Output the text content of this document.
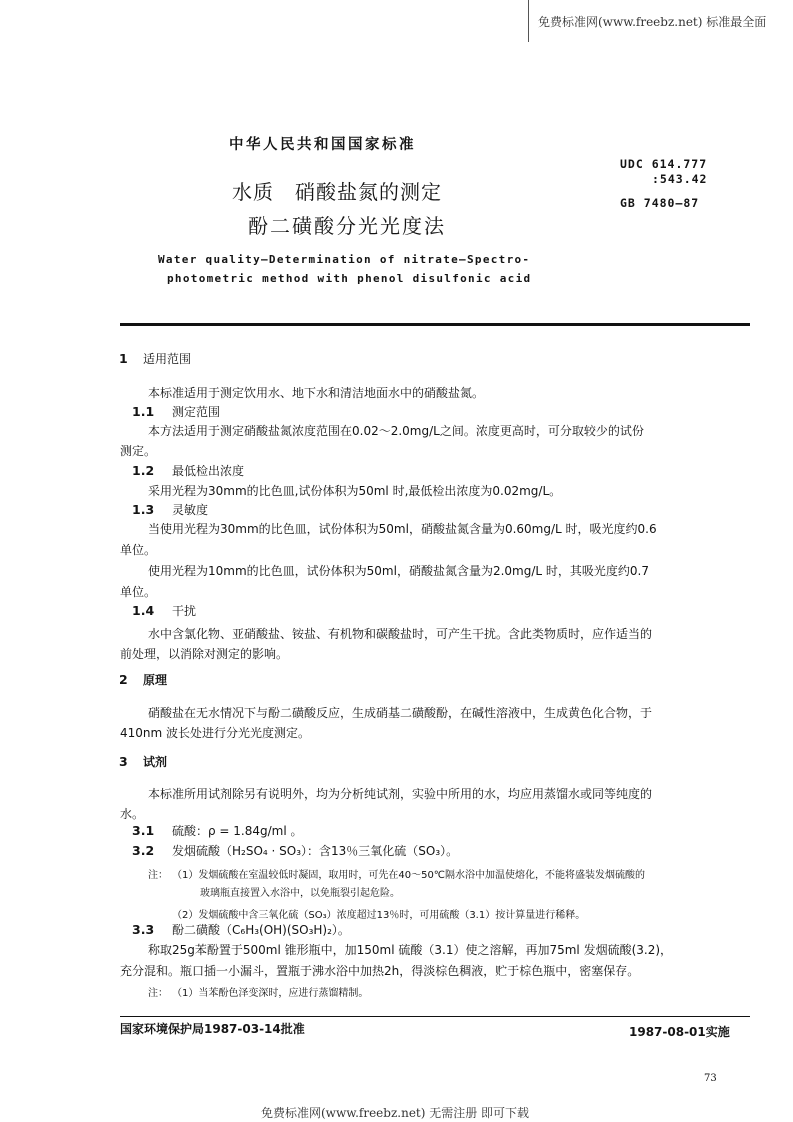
免费标准网(www.freebz.net) 标准最全面
中华人民共和国国家标准
UDC 614.777
:543.42
GB 7480—87
水质　硝酸盐氮的测定
酚二磺酸分光光度法
Water quality—Determination of nitrate—Spectro-
photometric method with phenol disulfonic acid
1 适用范围
本标准适用于测定饮用水、地下水和清洁地面水中的硝酸盐氮。
1.1 测定范围
本方法适用于测定硝酸盐氮浓度范围在0.02～2.0mg/L之间。浓度更高时，可分取较少的试份
测定。
1.2 最低检出浓度
采用光程为30mm的比色皿,试份体积为50ml 时,最低检出浓度为0.02mg/L。
1.3 灵敏度
当使用光程为30mm的比色皿，试份体积为50ml，硝酸盐氮含量为0.60mg/L 时，吸光度约0.6
单位。
使用光程为10mm的比色皿，试份体积为50ml，硝酸盐氮含量为2.0mg/L 时，其吸光度约0.7
单位。
1.4 干扰
水中含氯化物、亚硝酸盐、铵盐、有机物和碳酸盐时，可产生干扰。含此类物质时，应作适当的
前处理，以消除对测定的影响。
2 原理
硝酸盐在无水情况下与酚二磺酸反应，生成硝基二磺酸酚，在碱性溶液中，生成黄色化合物，于
410nm 波长处进行分光光度测定。
3 试剂
本标准所用试剂除另有说明外，均为分析纯试剂，实验中所用的水，均应用蒸馏水或同等纯度的
水。
3.1 硫酸：ρ = 1.84g/ml 。
3.2 发烟硫酸（H₂SO₄ · SO₃）：含13％三氧化硫（SO₃）。
注： （1）发烟硫酸在室温较低时凝固，取用时，可先在40～50℃隔水浴中加温使熔化，不能将盛装发烟硫酸的
玻璃瓶直接置入水浴中，以免瓶裂引起危险。
（2）发烟硫酸中含三氧化硫（SO₃）浓度超过13％时，可用硫酸（3.1）按计算量进行稀释。
3.3 酚二磺酸（C₆H₃(OH)(SO₃H)₂）。
称取25g苯酚置于500ml 锥形瓶中，加150ml 硫酸（3.1）使之溶解，再加75ml 发烟硫酸(3.2)，
充分混和。瓶口插一小漏斗，置瓶于沸水浴中加热2h，得淡棕色稠液，贮于棕色瓶中，密塞保存。
注： （1）当苯酚色泽变深时，应进行蒸馏精制。
国家环境保护局1987-03-14批准	1987-08-01实施
73
免费标准网(www.freebz.net) 无需注册 即可下载
